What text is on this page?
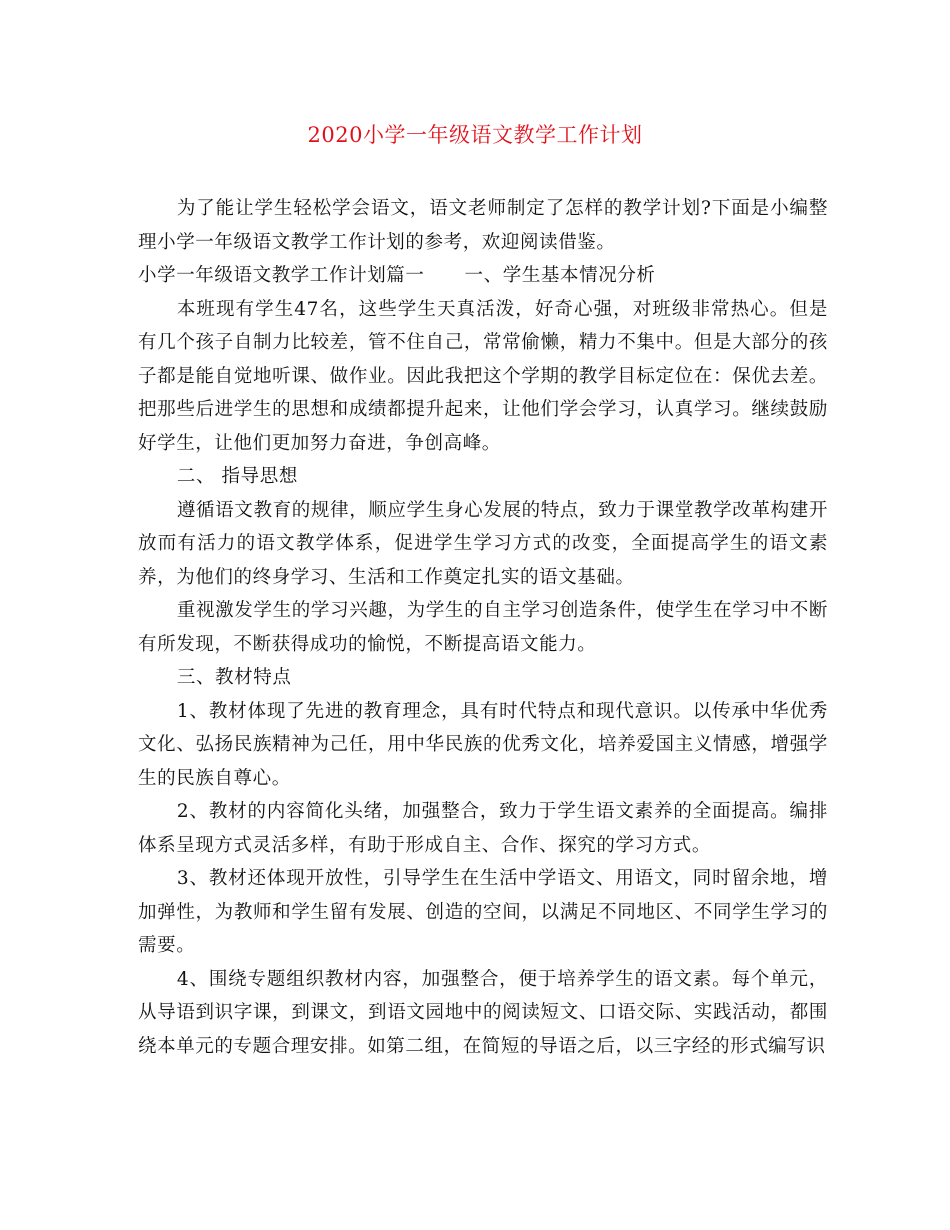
2020小学一年级语文教学工作计划

为了能让学生轻松学会语文，语文老师制定了怎样的教学计划?下面是小编整理小学一年级语文教学工作计划的参考，欢迎阅读借鉴。

小学一年级语文教学工作计划篇一 一、学生基本情况分析

本班现有学生47名，这些学生天真活泼，好奇心强，对班级非常热心。但是有几个孩子自制力比较差，管不住自己，常常偷懒，精力不集中。但是大部分的孩子都是能自觉地听课、做作业。因此我把这个学期的教学目标定位在：保优去差。把那些后进学生的思想和成绩都提升起来，让他们学会学习，认真学习。继续鼓励好学生，让他们更加努力奋进，争创高峰。

二、 指导思想

遵循语文教育的规律，顺应学生身心发展的特点，致力于课堂教学改革构建开放而有活力的语文教学体系，促进学生学习方式的改变，全面提高学生的语文素养，为他们的终身学习、生活和工作奠定扎实的语文基础。

重视激发学生的学习兴趣，为学生的自主学习创造条件，使学生在学习中不断有所发现，不断获得成功的愉悦，不断提高语文能力。

三、教材特点

1、教材体现了先进的教育理念，具有时代特点和现代意识。以传承中华优秀文化、弘扬民族精神为己任，用中华民族的优秀文化，培养爱国主义情感，增强学生的民族自尊心。

2、教材的内容简化头绪，加强整合，致力于学生语文素养的全面提高。编排体系呈现方式灵活多样，有助于形成自主、合作、探究的学习方式。

3、教材还体现开放性，引导学生在生活中学语文、用语文，同时留余地，增加弹性，为教师和学生留有发展、创造的空间，以满足不同地区、不同学生学习的需要。

4、围绕专题组织教材内容，加强整合，便于培养学生的语文素。每个单元，从导语到识字课，到课文，到语文园地中的阅读短文、口语交际、实践活动，都围绕本单元的专题合理安排。如第二组，在简短的导语之后，以三字经的形式编写识
